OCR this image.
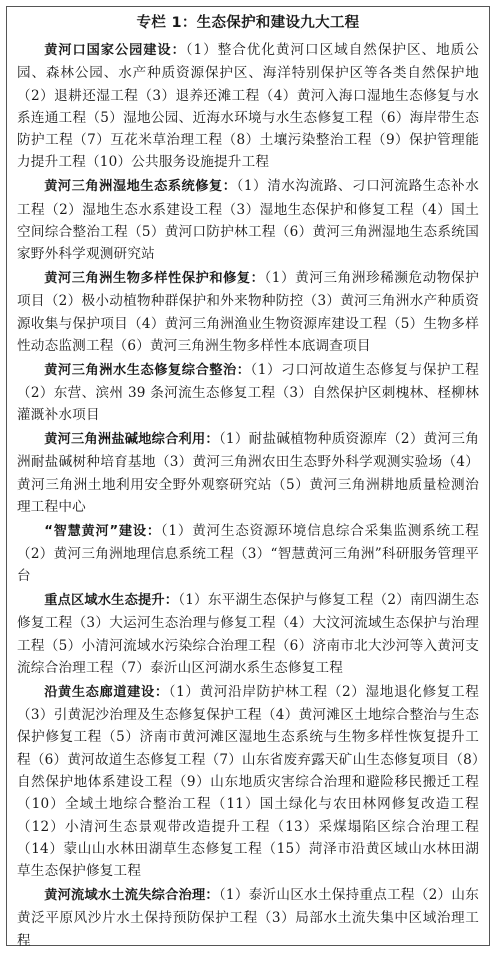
专栏 1：生态保护和建设九大工程

黄河口国家公园建设：（1）整合优化黄河口区域自然保护区、地质公园、森林公园、水产种质资源保护区、海洋特别保护区等各类自然保护地（2）退耕还湿工程（3）退养还滩工程（4）黄河入海口湿地生态修复与水系连通工程（5）湿地公园、近海水环境与水生态修复工程（6）海岸带生态防护工程（7）互花米草治理工程（8）土壤污染整治工程（9）保护管理能力提升工程（10）公共服务设施提升工程

黄河三角洲湿地生态系统修复：（1）清水沟流路、刁口河流路生态补水工程（2）湿地生态水系建设工程（3）湿地生态保护和修复工程（4）国土空间综合整治工程（5）黄河口防护林工程（6）黄河三角洲湿地生态系统国家野外科学观测研究站

黄河三角洲生物多样性保护和修复：（1）黄河三角洲珍稀濒危动物保护项目（2）极小动植物种群保护和外来物种防控（3）黄河三角洲水产种质资源收集与保护项目（4）黄河三角洲渔业生物资源库建设工程（5）生物多样性动态监测工程（6）黄河三角洲生物多样性本底调查项目

黄河三角洲水生态修复综合整治：（1）刁口河故道生态修复与保护工程（2）东营、滨州 39 条河流生态修复工程（3）自然保护区刺槐林、柽柳林灌溉补水项目

黄河三角洲盐碱地综合利用：（1）耐盐碱植物种质资源库（2）黄河三角洲耐盐碱树种培育基地（3）黄河三角洲农田生态野外科学观测实验场（4）黄河三角洲土地利用安全野外观察研究站（5）黄河三角洲耕地质量检测治理工程中心

“智慧黄河”建设：（1）黄河生态资源环境信息综合采集监测系统工程（2）黄河三角洲地理信息系统工程（3）“智慧黄河三角洲”科研服务管理平台

重点区域水生态提升：（1）东平湖生态保护与修复工程（2）南四湖生态修复工程（3）大运河生态治理与修复工程（4）大汶河流域生态保护与治理工程（5）小清河流域水污染综合治理工程（6）济南市北大沙河等入黄河支流综合治理工程（7）泰沂山区河湖水系生态修复工程

沿黄生态廊道建设：（1）黄河沿岸防护林工程（2）湿地退化修复工程（3）引黄泥沙治理及生态修复保护工程（4）黄河滩区土地综合整治与生态保护修复工程（5）济南市黄河滩区湿地生态系统与生物多样性恢复提升工程（6）黄河故道生态修复工程（7）山东省废弃露天矿山生态修复项目（8）自然保护地体系建设工程（9）山东地质灾害综合治理和避险移民搬迁工程（10）全域土地综合整治工程（11）国土绿化与农田林网修复改造工程（12）小清河生态景观带改造提升工程（13）采煤塌陷区综合治理工程（14）蒙山山水林田湖草生态修复工程（15）菏泽市沿黄区域山水林田湖草生态保护修复工程

黄河流域水土流失综合治理：（1）泰沂山区水土保持重点工程（2）山东黄泛平原风沙片水土保持预防保护工程（3）局部水土流失集中区域治理工程
